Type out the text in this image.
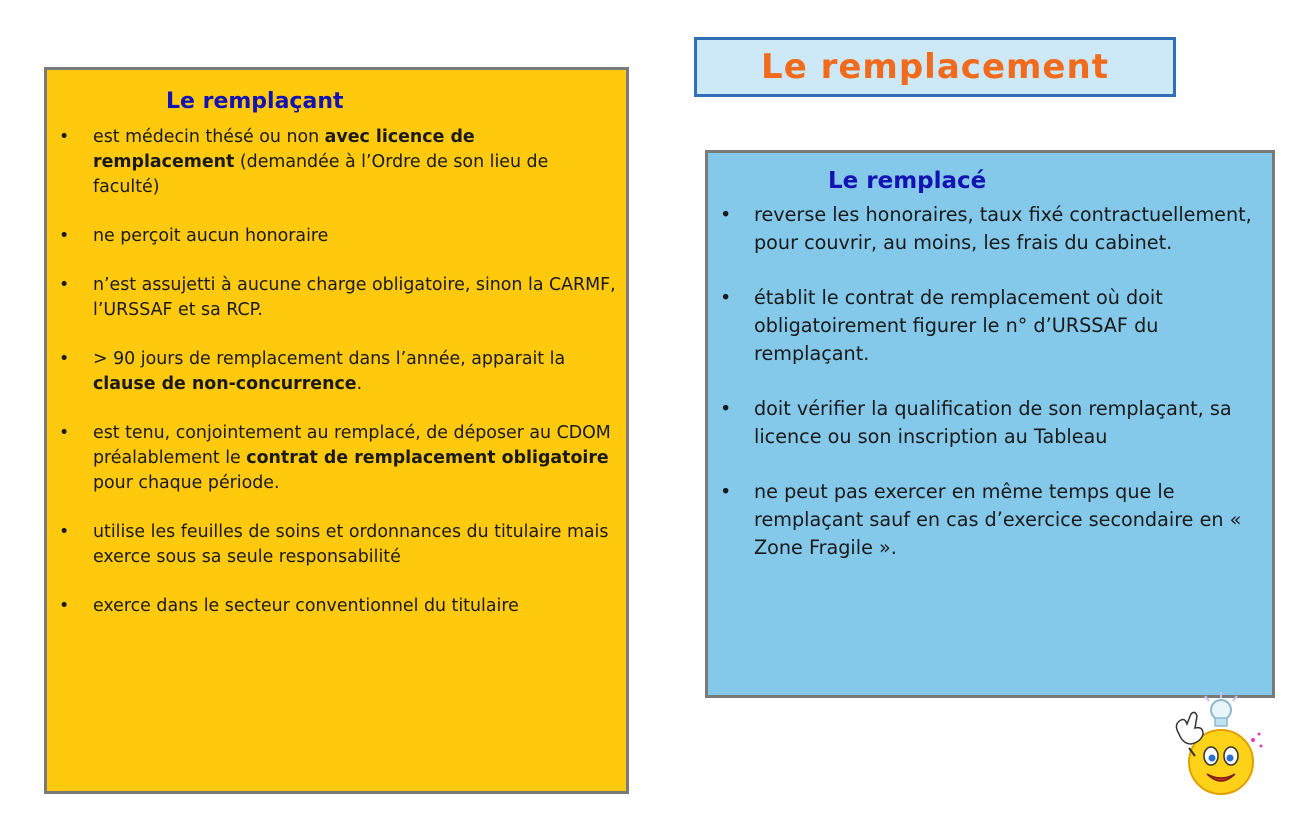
Le remplacement
Le remplaçant
• est médecin thésé ou non avec licence de remplacement (demandée à l’Ordre de son lieu de faculté)
• ne perçoit aucun honoraire
• n’est assujetti à aucune charge obligatoire, sinon la CARMF, l’URSSAF et sa RCP.
• > 90 jours de remplacement dans l’année, apparait la clause de non-concurrence.
• est tenu, conjointement au remplacé, de déposer au CDOM préalablement le contrat de remplacement obligatoire pour chaque période.
• utilise les feuilles de soins et ordonnances du titulaire mais exerce sous sa seule responsabilité
• exerce dans le secteur conventionnel du titulaire
Le remplacé
• reverse les honoraires, taux fixé contractuellement, pour couvrir, au moins, les frais du cabinet.
• établit le contrat de remplacement où doit obligatoirement figurer le n° d’URSSAF du remplaçant.
• doit vérifier la qualification de son remplaçant, sa licence ou son inscription au Tableau
• ne peut pas exercer en même temps que le remplaçant sauf en cas d’exercice secondaire en « Zone Fragile ».
